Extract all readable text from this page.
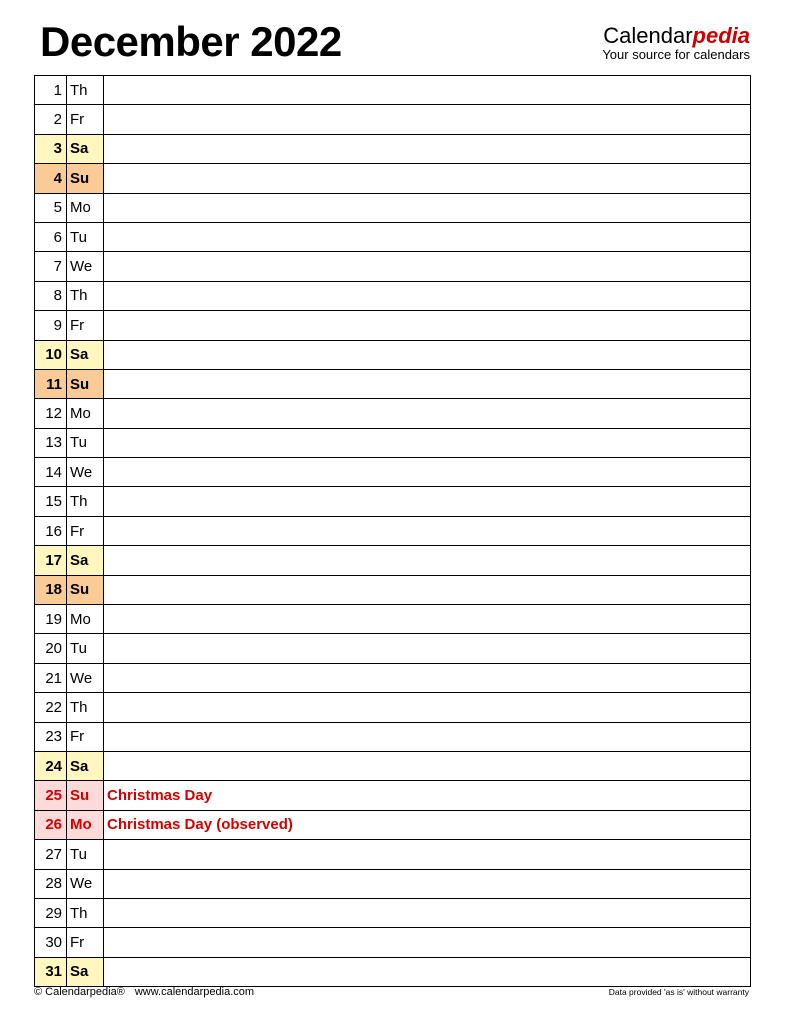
December 2022	Calendarpedia
Your source for calendars
1	Th	
2	Fr	
3	Sa	
4	Su	
5	Mo	
6	Tu	
7	We	
8	Th	
9	Fr	
10	Sa	
11	Su	
12	Mo	
13	Tu	
14	We	
15	Th	
16	Fr	
17	Sa	
18	Su	
19	Mo	
20	Tu	
21	We	
22	Th	
23	Fr	
24	Sa	
25	Su	Christmas Day
26	Mo	Christmas Day (observed)
27	Tu	
28	We	
29	Th	
30	Fr	
31	Sa	
© Calendarpedia® www.calendarpedia.com	Data provided 'as is' without warranty
